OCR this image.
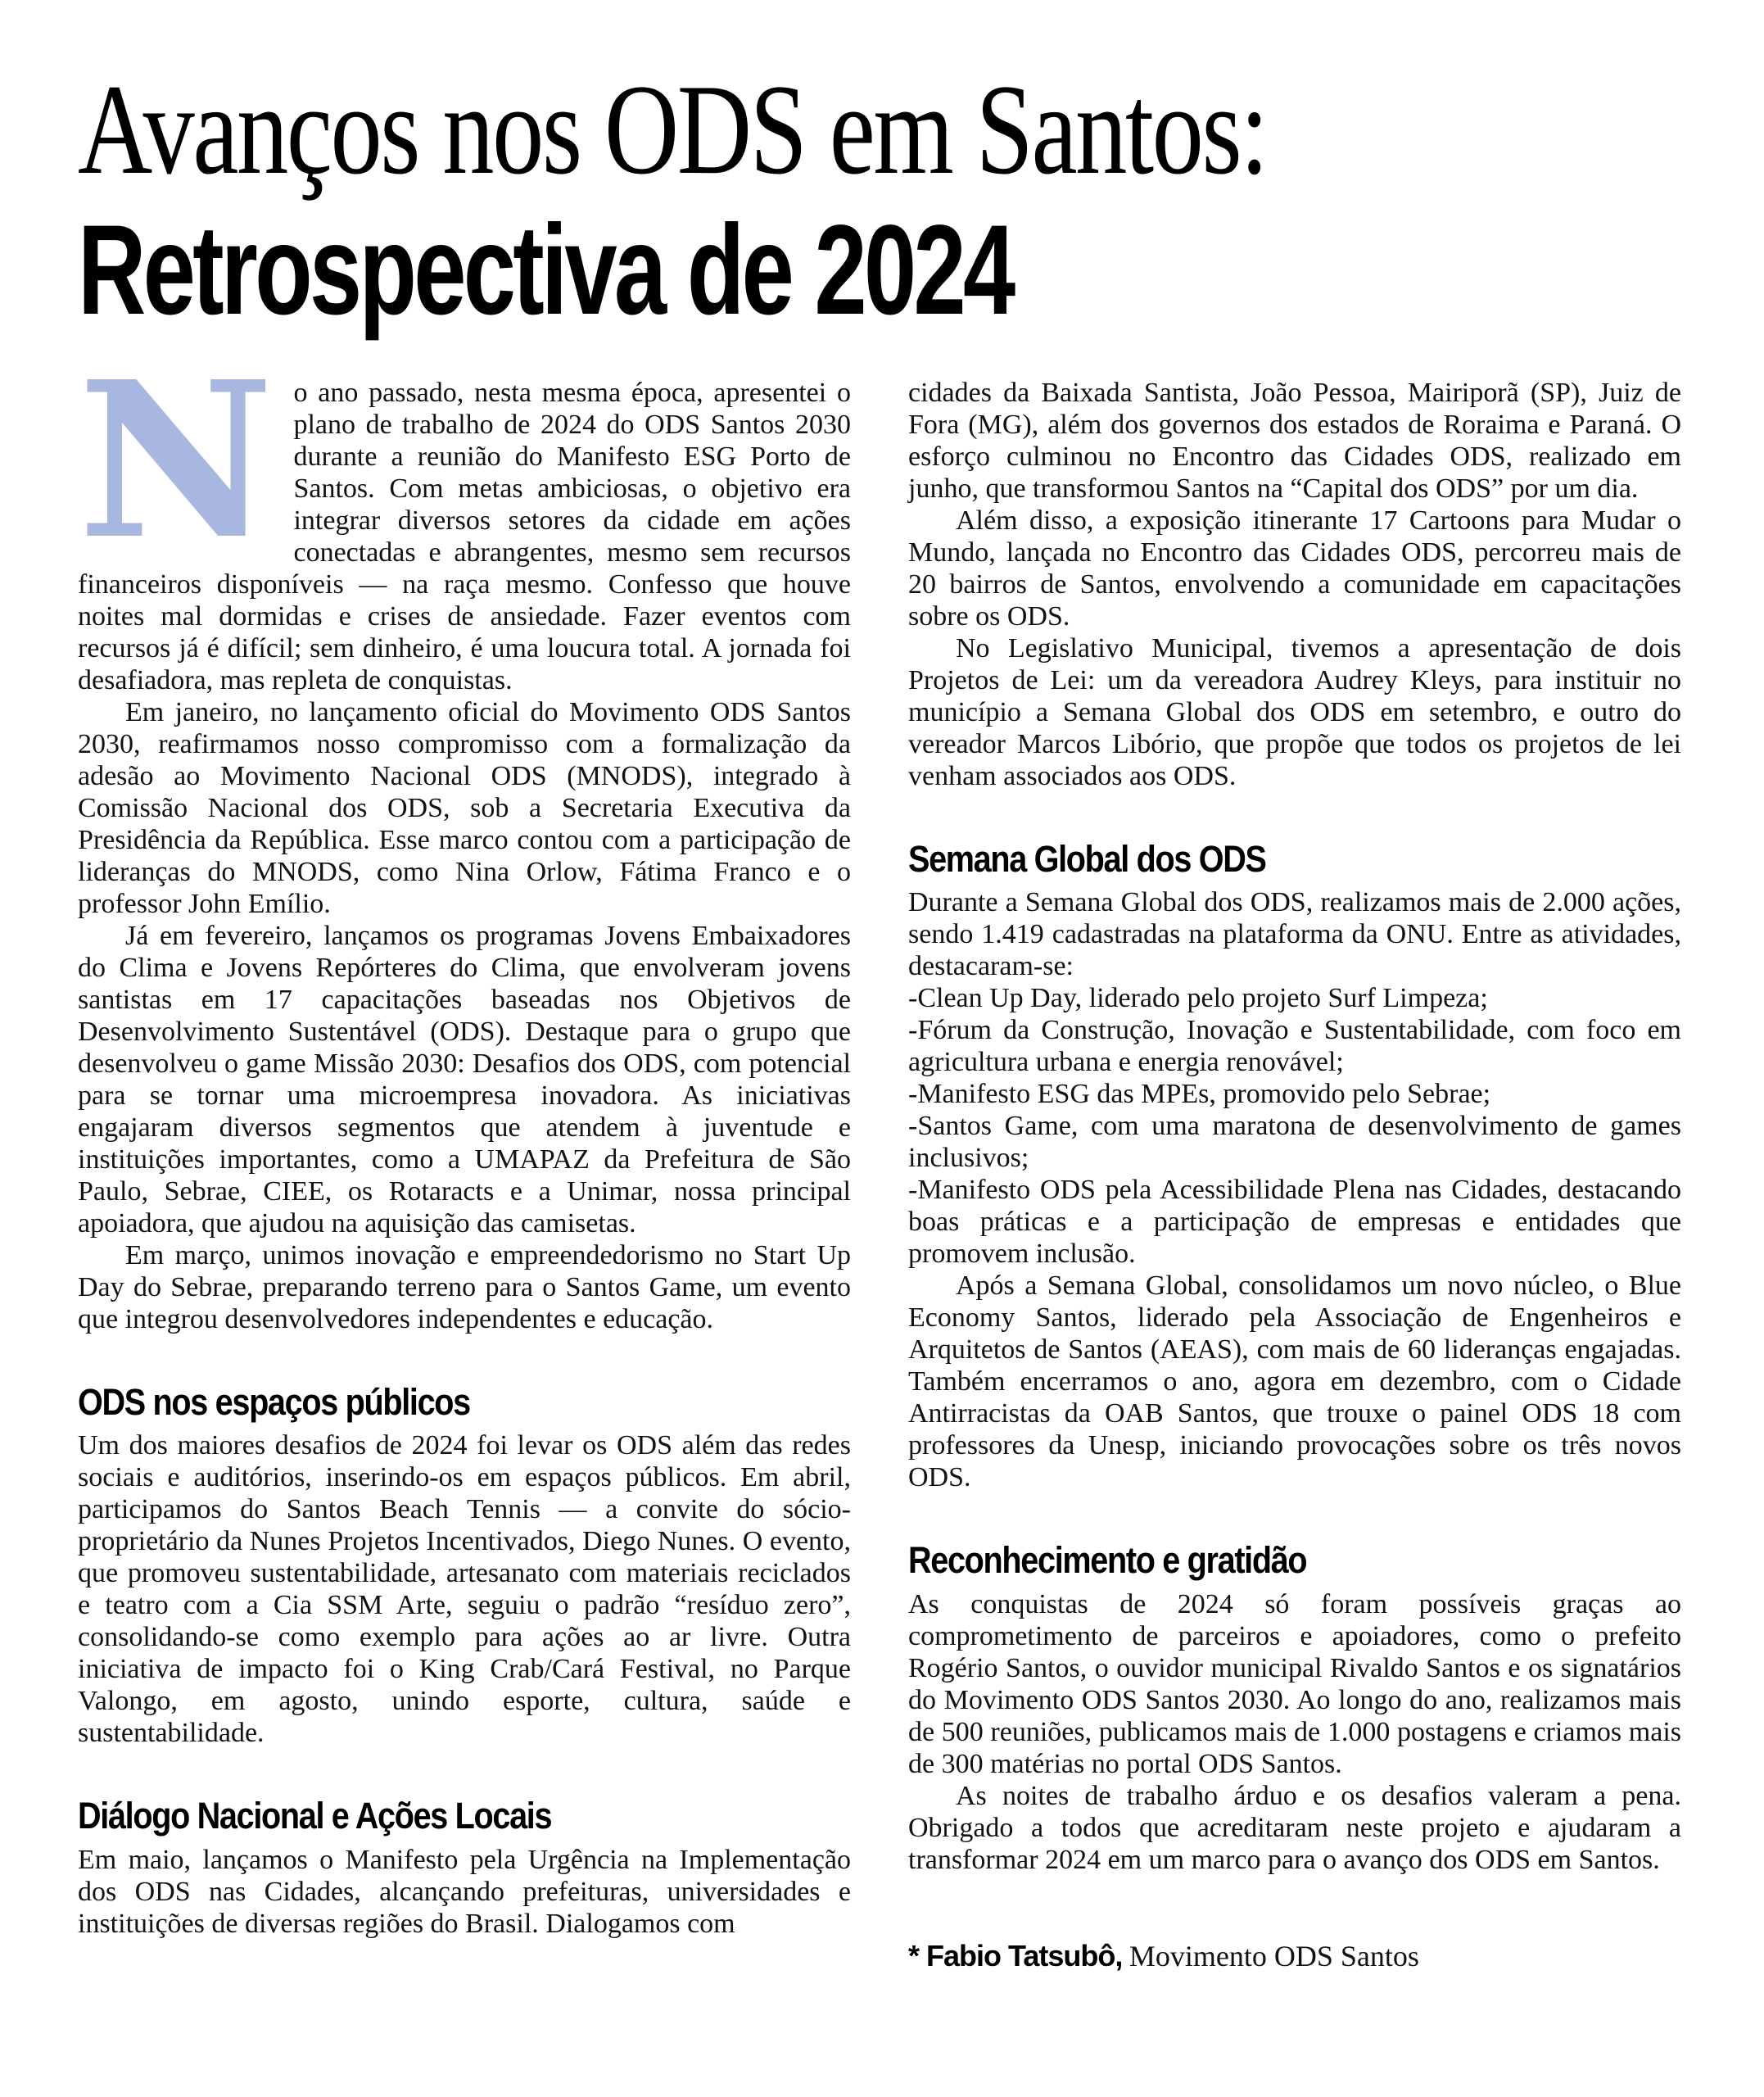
Avanços nos ODS em Santos:
Retrospectiva de 2024

No ano passado, nesta mesma época, apresentei o plano de trabalho de 2024 do ODS Santos 2030 durante a reunião do Manifesto ESG Porto de Santos. Com metas ambiciosas, o objetivo era integrar diversos setores da cidade em ações conectadas e abrangentes, mesmo sem recursos financeiros disponíveis — na raça mesmo. Confesso que houve noites mal dormidas e crises de ansiedade. Fazer eventos com recursos já é difícil; sem dinheiro, é uma loucura total. A jornada foi desafiadora, mas repleta de conquistas.

Em janeiro, no lançamento oficial do Movimento ODS Santos 2030, reafirmamos nosso compromisso com a formalização da adesão ao Movimento Nacional ODS (MNODS), integrado à Comissão Nacional dos ODS, sob a Secretaria Executiva da Presidência da República. Esse marco contou com a participação de lideranças do MNODS, como Nina Orlow, Fátima Franco e o professor John Emílio.

Já em fevereiro, lançamos os programas Jovens Embaixadores do Clima e Jovens Repórteres do Clima, que envolveram jovens santistas em 17 capacitações baseadas nos Objetivos de Desenvolvimento Sustentável (ODS). Destaque para o grupo que desenvolveu o game Missão 2030: Desafios dos ODS, com potencial para se tornar uma microempresa inovadora. As iniciativas engajaram diversos segmentos que atendem à juventude e instituições importantes, como a UMAPAZ da Prefeitura de São Paulo, Sebrae, CIEE, os Rotaracts e a Unimar, nossa principal apoiadora, que ajudou na aquisição das camisetas.

Em março, unimos inovação e empreendedorismo no Start Up Day do Sebrae, preparando terreno para o Santos Game, um evento que integrou desenvolvedores independentes e educação.

ODS nos espaços públicos

Um dos maiores desafios de 2024 foi levar os ODS além das redes sociais e auditórios, inserindo-os em espaços públicos. Em abril, participamos do Santos Beach Tennis — a convite do sócio-proprietário da Nunes Projetos Incentivados, Diego Nunes. O evento, que promoveu sustentabilidade, artesanato com materiais reciclados e teatro com a Cia SSM Arte, seguiu o padrão “resíduo zero”, consolidando-se como exemplo para ações ao ar livre. Outra iniciativa de impacto foi o King Crab/Cará Festival, no Parque Valongo, em agosto, unindo esporte, cultura, saúde e sustentabilidade.

Diálogo Nacional e Ações Locais

Em maio, lançamos o Manifesto pela Urgência na Implementação dos ODS nas Cidades, alcançando prefeituras, universidades e instituições de diversas regiões do Brasil. Dialogamos com

cidades da Baixada Santista, João Pessoa, Mairiporã (SP), Juiz de Fora (MG), além dos governos dos estados de Roraima e Paraná. O esforço culminou no Encontro das Cidades ODS, realizado em junho, que transformou Santos na “Capital dos ODS” por um dia.

Além disso, a exposição itinerante 17 Cartoons para Mudar o Mundo, lançada no Encontro das Cidades ODS, percorreu mais de 20 bairros de Santos, envolvendo a comunidade em capacitações sobre os ODS.

No Legislativo Municipal, tivemos a apresentação de dois Projetos de Lei: um da vereadora Audrey Kleys, para instituir no município a Semana Global dos ODS em setembro, e outro do vereador Marcos Libório, que propõe que todos os projetos de lei venham associados aos ODS.

Semana Global dos ODS

Durante a Semana Global dos ODS, realizamos mais de 2.000 ações, sendo 1.419 cadastradas na plataforma da ONU. Entre as atividades, destacaram-se:

-Clean Up Day, liderado pelo projeto Surf Limpeza;

-Fórum da Construção, Inovação e Sustentabilidade, com foco em agricultura urbana e energia renovável;

-Manifesto ESG das MPEs, promovido pelo Sebrae;

-Santos Game, com uma maratona de desenvolvimento de games inclusivos;

-Manifesto ODS pela Acessibilidade Plena nas Cidades, destacando boas práticas e a participação de empresas e entidades que promovem inclusão.

Após a Semana Global, consolidamos um novo núcleo, o Blue Economy Santos, liderado pela Associação de Engenheiros e Arquitetos de Santos (AEAS), com mais de 60 lideranças engajadas. Também encerramos o ano, agora em dezembro, com o Cidade Antirracistas da OAB Santos, que trouxe o painel ODS 18 com professores da Unesp, iniciando provocações sobre os três novos ODS.

Reconhecimento e gratidão

As conquistas de 2024 só foram possíveis graças ao comprometimento de parceiros e apoiadores, como o prefeito Rogério Santos, o ouvidor municipal Rivaldo Santos e os signatários do Movimento ODS Santos 2030. Ao longo do ano, realizamos mais de 500 reuniões, publicamos mais de 1.000 postagens e criamos mais de 300 matérias no portal ODS Santos.

As noites de trabalho árduo e os desafios valeram a pena. Obrigado a todos que acreditaram neste projeto e ajudaram a transformar 2024 em um marco para o avanço dos ODS em Santos.

* Fabio Tatsubô, Movimento ODS Santos
